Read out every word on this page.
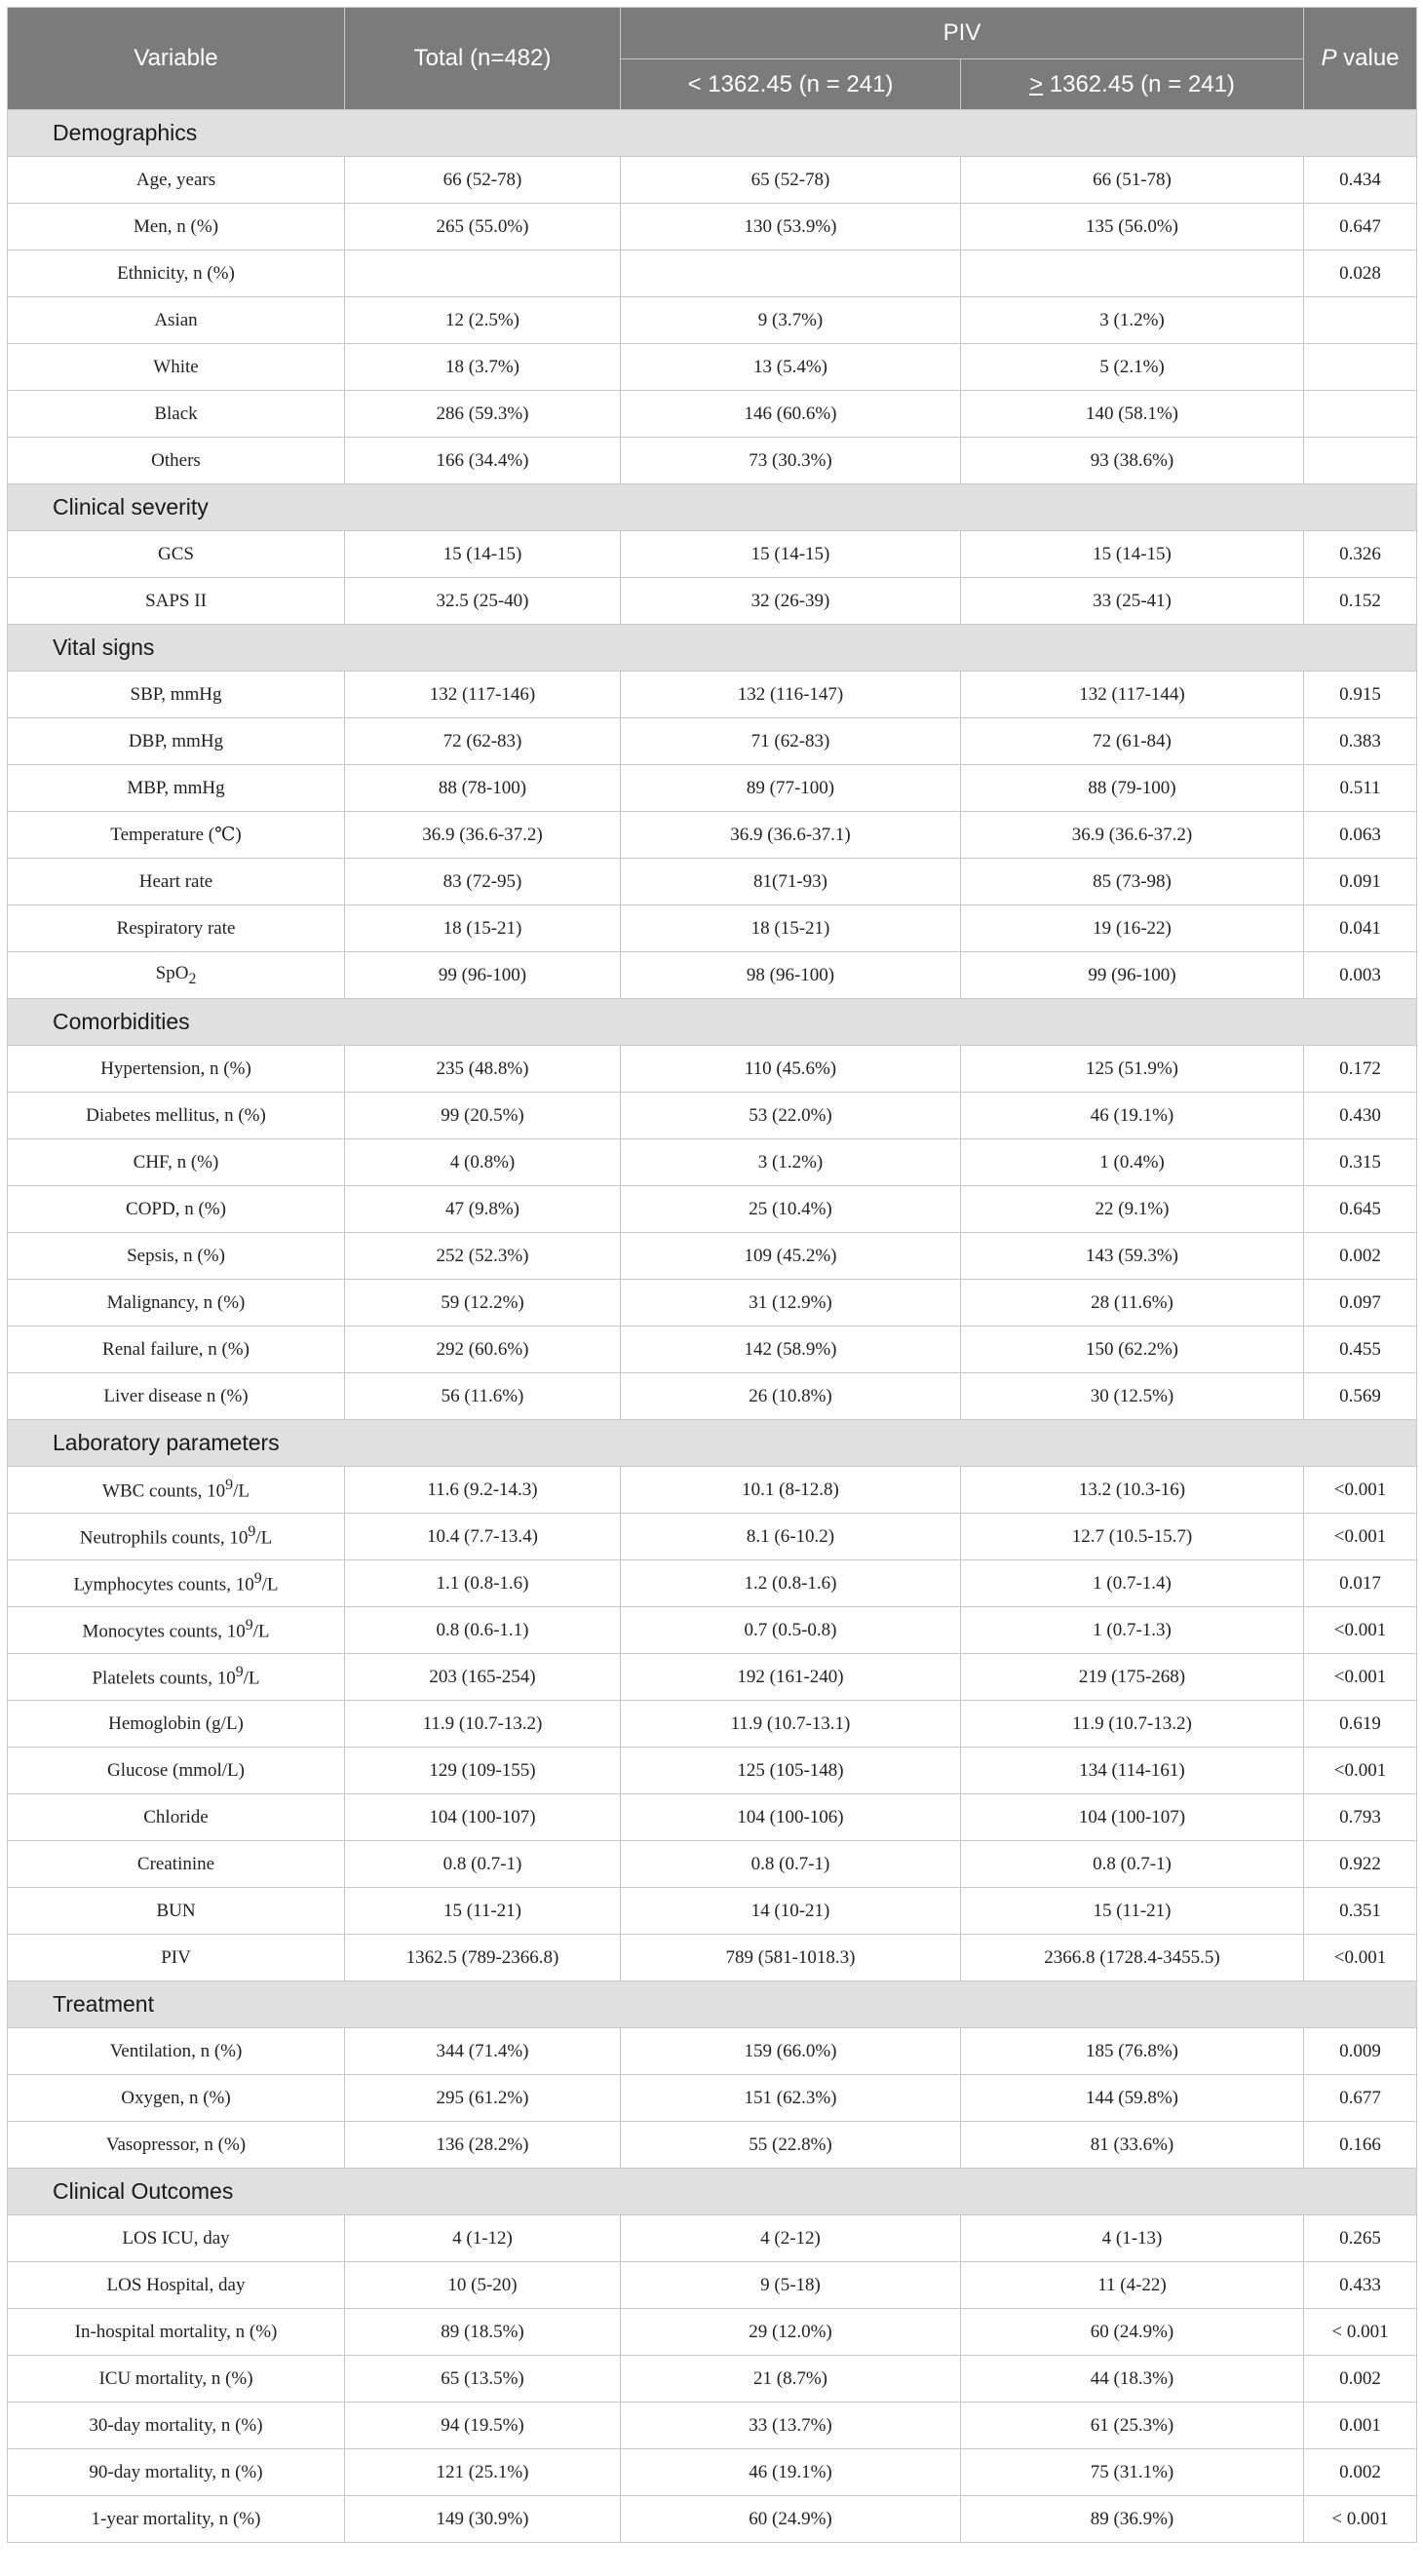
Variable	Total (n=482)	PIV		P value
		< 1362.45 (n = 241)	> 1362.45 (n = 241)	
Demographics				
Age, years	66 (52-78)	65 (52-78)	66 (51-78)	0.434
Men, n (%)	265 (55.0%)	130 (53.9%)	135 (56.0%)	0.647
Ethnicity, n (%)				0.028
Asian	12 (2.5%)	9 (3.7%)	3 (1.2%)	
White	18 (3.7%)	13 (5.4%)	5 (2.1%)	
Black	286 (59.3%)	146 (60.6%)	140 (58.1%)	
Others	166 (34.4%)	73 (30.3%)	93 (38.6%)	
Clinical severity				
GCS	15 (14-15)	15 (14-15)	15 (14-15)	0.326
SAPS II	32.5 (25-40)	32 (26-39)	33 (25-41)	0.152
Vital signs				
SBP, mmHg	132 (117-146)	132 (116-147)	132 (117-144)	0.915
DBP, mmHg	72 (62-83)	71 (62-83)	72 (61-84)	0.383
MBP, mmHg	88 (78-100)	89 (77-100)	88 (79-100)	0.511
Temperature (℃)	36.9 (36.6-37.2)	36.9 (36.6-37.1)	36.9 (36.6-37.2)	0.063
Heart rate	83 (72-95)	81(71-93)	85 (73-98)	0.091
Respiratory rate	18 (15-21)	18 (15-21)	19 (16-22)	0.041
SpO$_2$	99 (96-100)	98 (96-100)	99 (96-100)	0.003
Comorbidities				
Hypertension, n (%)	235 (48.8%)	110 (45.6%)	125 (51.9%)	0.172
Diabetes mellitus, n (%)	99 (20.5%)	53 (22.0%)	46 (19.1%)	0.430
CHF, n (%)	4 (0.8%)	3 (1.2%)	1 (0.4%)	0.315
COPD, n (%)	47 (9.8%)	25 (10.4%)	22 (9.1%)	0.645
Sepsis, n (%)	252 (52.3%)	109 (45.2%)	143 (59.3%)	0.002
Malignancy, n (%)	59 (12.2%)	31 (12.9%)	28 (11.6%)	0.097
Renal failure, n (%)	292 (60.6%)	142 (58.9%)	150 (62.2%)	0.455
Liver disease n (%)	56 (11.6%)	26 (10.8%)	30 (12.5%)	0.569
Laboratory parameters				
WBC counts, $10^9/L$	11.6 (9.2-14.3)	10.1 (8-12.8)	13.2 (10.3-16)	<0.001
Neutrophils counts, $10^9/L$	10.4 (7.7-13.4)	8.1 (6-10.2)	12.7 (10.5-15.7)	<0.001
Lymphocytes counts, $10^9/L$	1.1 (0.8-1.6)	1.2 (0.8-1.6)	1 (0.7-1.4)	0.017
Monocytes counts, $10^9/L$	0.8 (0.6-1.1)	0.7 (0.5-0.8)	1 (0.7-1.3)	<0.001
Platelets counts, $10^9/L$	203 (165-254)	192 (161-240)	219 (175-268)	<0.001
Hemoglobin (g/L)	11.9 (10.7-13.2)	11.9 (10.7-13.1)	11.9 (10.7-13.2)	0.619
Glucose (mmol/L)	129 (109-155)	125 (105-148)	134 (114-161)	<0.001
Chloride	104 (100-107)	104 (100-106)	104 (100-107)	0.793
Creatinine	0.8 (0.7-1)	0.8 (0.7-1)	0.8 (0.7-1)	0.922
BUN	15 (11-21)	14 (10-21)	15 (11-21)	0.351
PIV	1362.5 (789-2366.8)	789 (581-1018.3)	2366.8 (1728.4-3455.5)	<0.001
Treatment				
Ventilation, n (%)	344 (71.4%)	159 (66.0%)	185 (76.8%)	0.009
Oxygen, n (%)	295 (61.2%)	151 (62.3%)	144 (59.8%)	0.677
Vasopressor, n (%)	136 (28.2%)	55 (22.8%)	81 (33.6%)	0.166
Clinical Outcomes				
LOS ICU, day	4 (1-12)	4 (2-12)	4 (1-13)	0.265
LOS Hospital, day	10 (5-20)	9 (5-18)	11 (4-22)	0.433
In-hospital mortality, n (%)	89 (18.5%)	29 (12.0%)	60 (24.9%)	< 0.001
ICU mortality, n (%)	65 (13.5%)	21 (8.7%)	44 (18.3%)	0.002
30-day mortality, n (%)	94 (19.5%)	33 (13.7%)	61 (25.3%)	0.001
90-day mortality, n (%)	121 (25.1%)	46 (19.1%)	75 (31.1%)	0.002
1-year mortality, n (%)	149 (30.9%)	60 (24.9%)	89 (36.9%)	< 0.001
